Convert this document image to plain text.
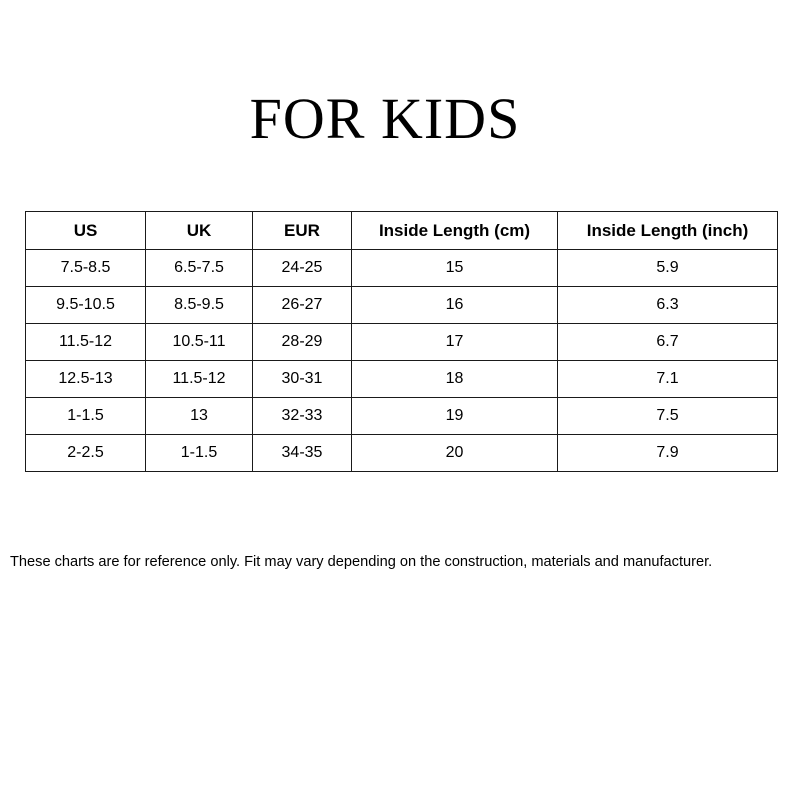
FOR KIDS
US	UK	EUR	Inside Length (cm)	Inside Length (inch)
7.5-8.5	6.5-7.5	24-25	15	5.9
9.5-10.5	8.5-9.5	26-27	16	6.3
11.5-12	10.5-11	28-29	17	6.7
12.5-13	11.5-12	30-31	18	7.1
1-1.5	13	32-33	19	7.5
2-2.5	1-1.5	34-35	20	7.9
These charts are for reference only. Fit may vary depending on the construction, materials and manufacturer.
